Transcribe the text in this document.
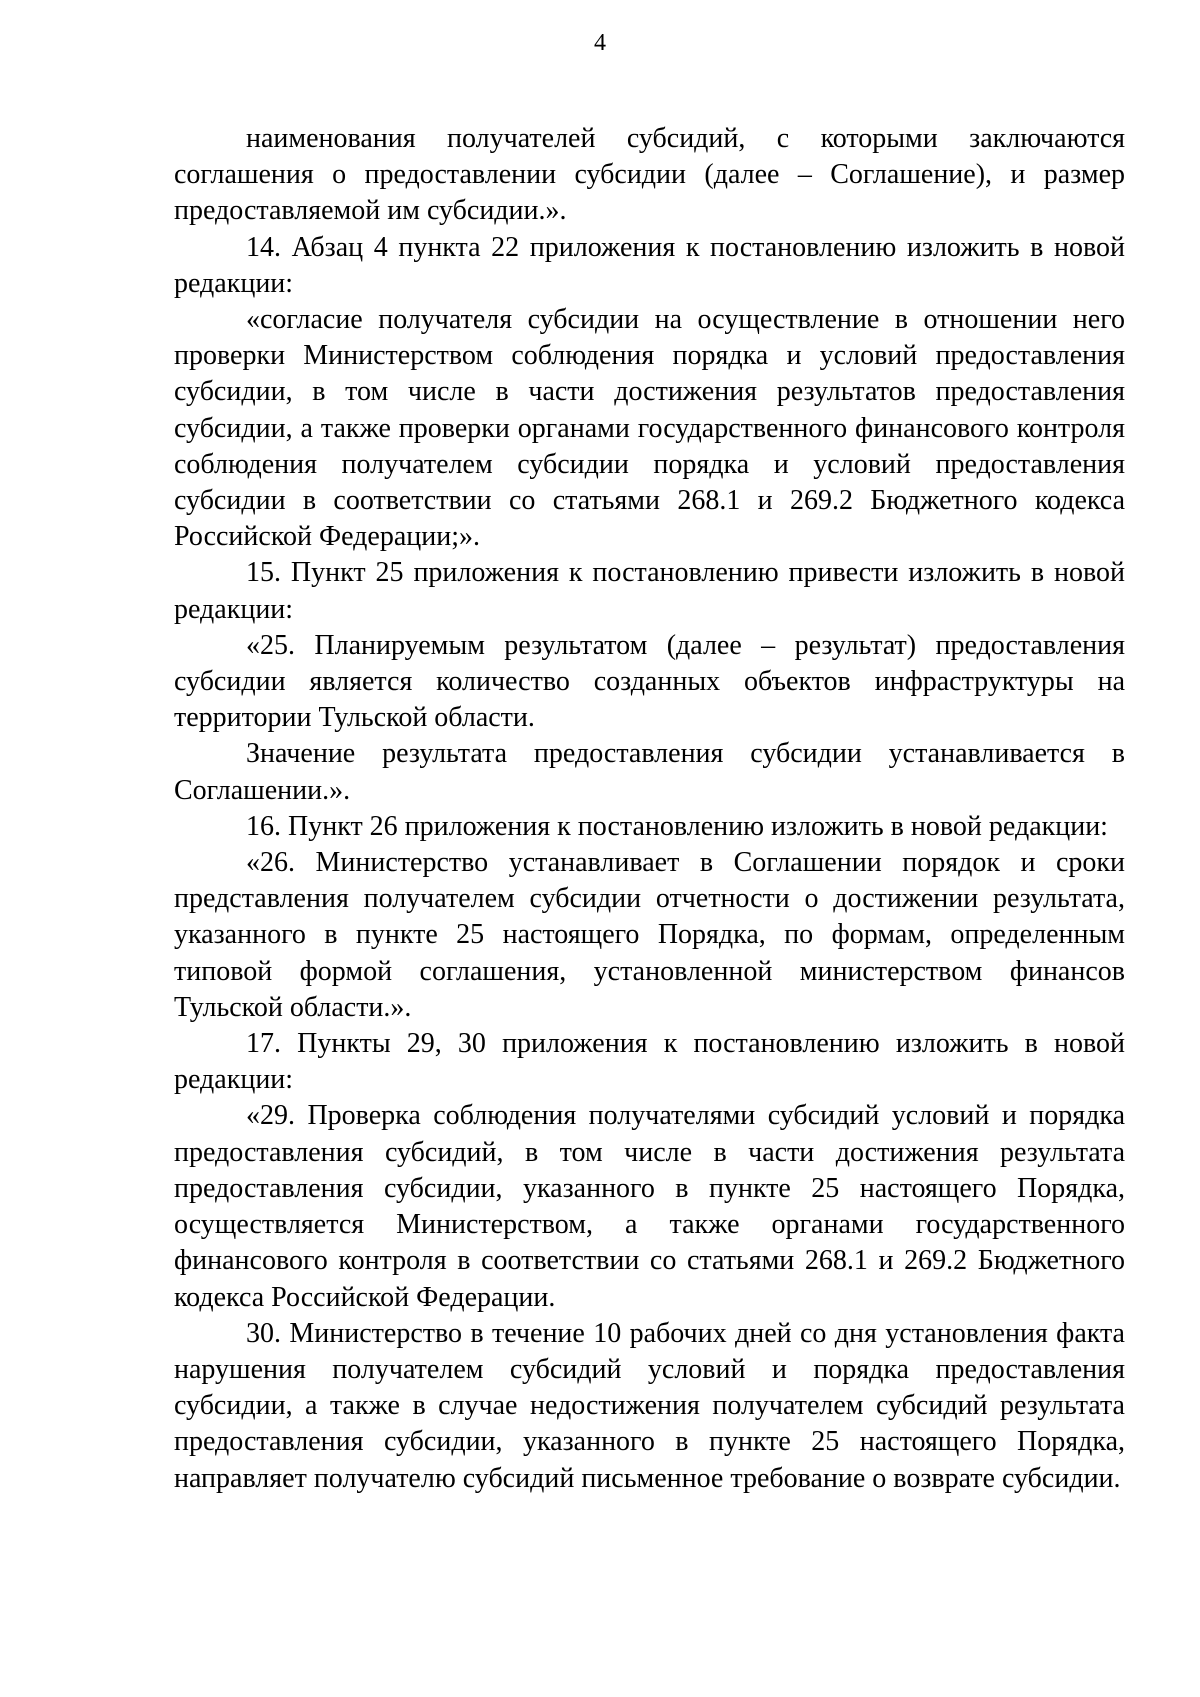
4

наименования получателей субсидий, с которыми заключаются соглашения о предоставлении субсидии (далее – Соглашение), и размер предоставляемой им субсидии.».

14. Абзац 4 пункта 22 приложения к постановлению изложить в новой редакции:

«согласие получателя субсидии на осуществление в отношении него проверки Министерством соблюдения порядка и условий предоставления субсидии, в том числе в части достижения результатов предоставления субсидии, а также проверки органами государственного финансового контроля соблюдения получателем субсидии порядка и условий предоставления субсидии в соответствии со статьями 268.1 и 269.2 Бюджетного кодекса Российской Федерации;».

15. Пункт 25 приложения к постановлению привести изложить в новой редакции:

«25. Планируемым результатом (далее – результат) предоставления субсидии является количество созданных объектов инфраструктуры на территории Тульской области.

Значение результата предоставления субсидии устанавливается в Соглашении.».

16. Пункт 26 приложения к постановлению изложить в новой редакции:

«26. Министерство устанавливает в Соглашении порядок и сроки представления получателем субсидии отчетности о достижении результата, указанного в пункте 25 настоящего Порядка, по формам, определенным типовой формой соглашения, установленной министерством финансов Тульской области.».

17. Пункты 29, 30 приложения к постановлению изложить в новой редакции:

«29. Проверка соблюдения получателями субсидий условий и порядка предоставления субсидий, в том числе в части достижения результата предоставления субсидии, указанного в пункте 25 настоящего Порядка, осуществляется Министерством, а также органами государственного финансового контроля в соответствии со статьями 268.1 и 269.2 Бюджетного кодекса Российской Федерации.

30. Министерство в течение 10 рабочих дней со дня установления факта нарушения получателем субсидий условий и порядка предоставления субсидии, а также в случае недостижения получателем субсидий результата предоставления субсидии, указанного в пункте 25 настоящего Порядка, направляет получателю субсидий письменное требование о возврате субсидии.
